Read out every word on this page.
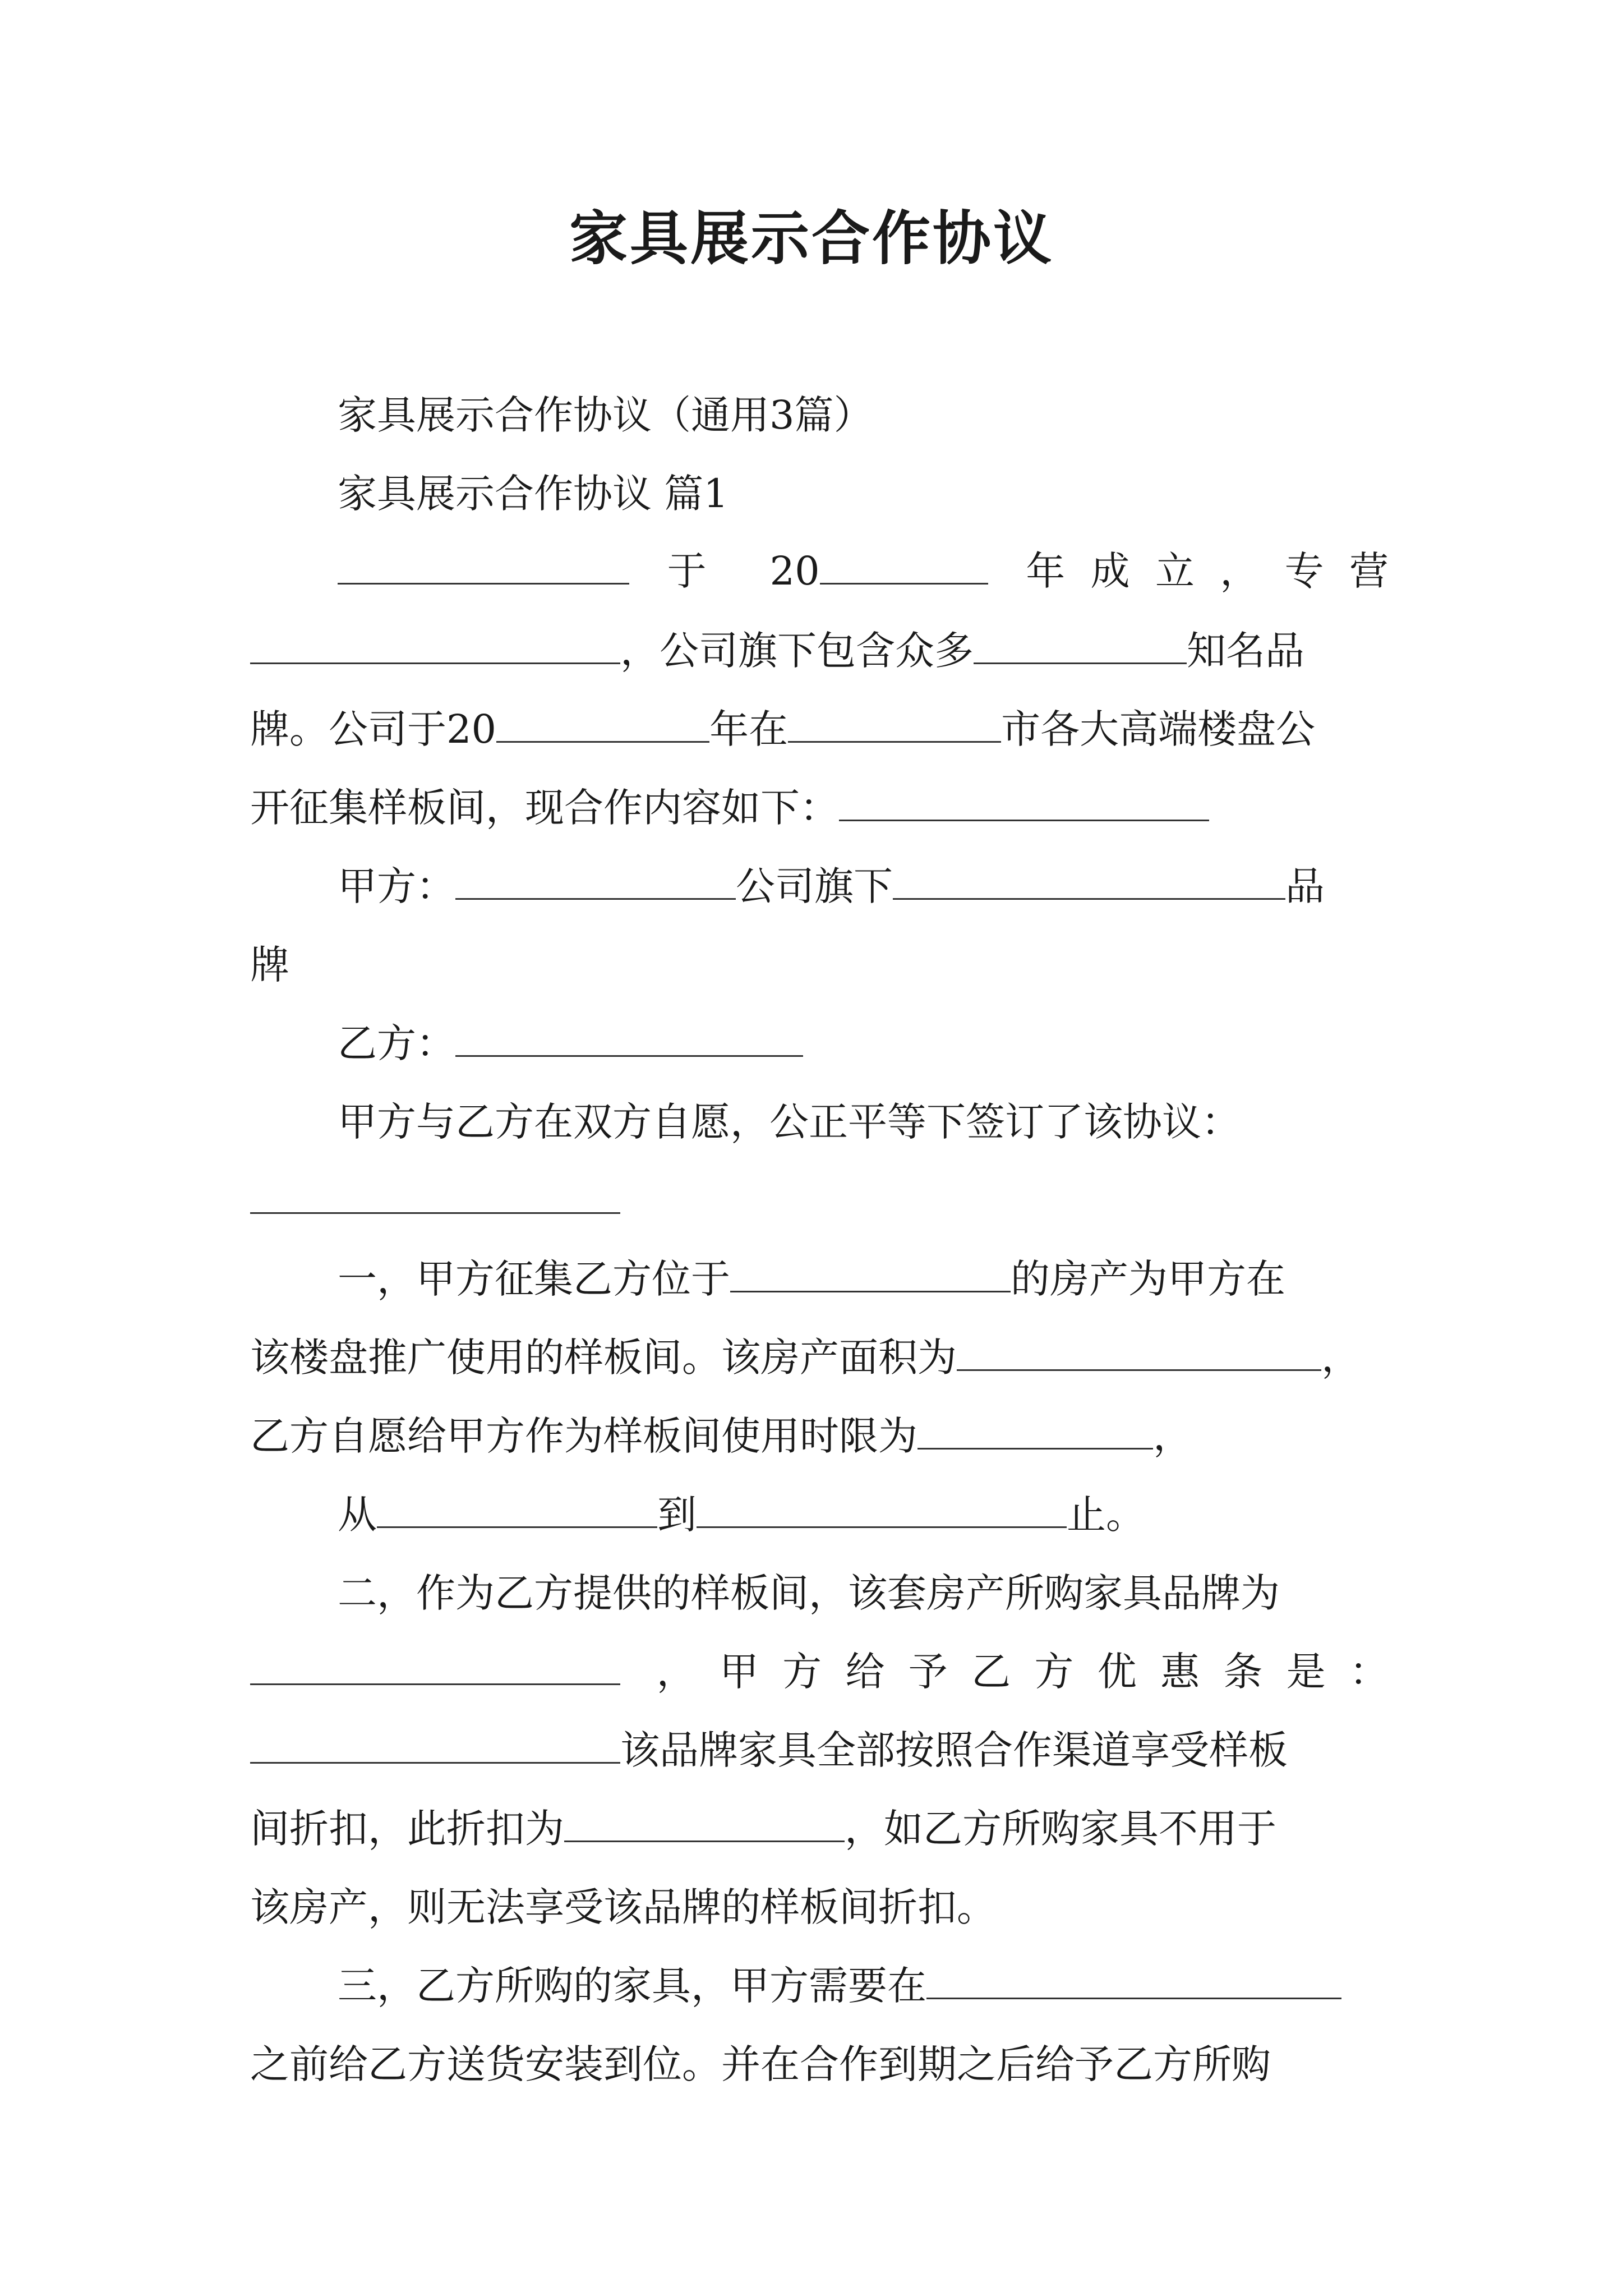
家具展示合作协议
家具展示合作协议（通用3篇）
家具展示合作协议 篇1
于 20	年成立，专营
，公司旗下包含众多	知名品
牌。公司于20	年在	市各大高端楼盘公
开征集样板间，现合作内容如下：
甲方：	公司旗下	品
牌
乙方：
甲方与乙方在双方自愿，公正平等下签订了该协议：
一，甲方征集乙方位于	的房产为甲方在
该楼盘推广使用的样板间。该房产面积为	，
乙方自愿给甲方作为样板间使用时限为	，
从	到	止。
二，作为乙方提供的样板间，该套房产所购家具品牌为
，甲方给予乙方优惠条是：
该品牌家具全部按照合作渠道享受样板
间折扣，此折扣为	，如乙方所购家具不用于
该房产，则无法享受该品牌的样板间折扣。
三，乙方所购的家具，甲方需要在
之前给乙方送货安装到位。并在合作到期之后给予乙方所购
